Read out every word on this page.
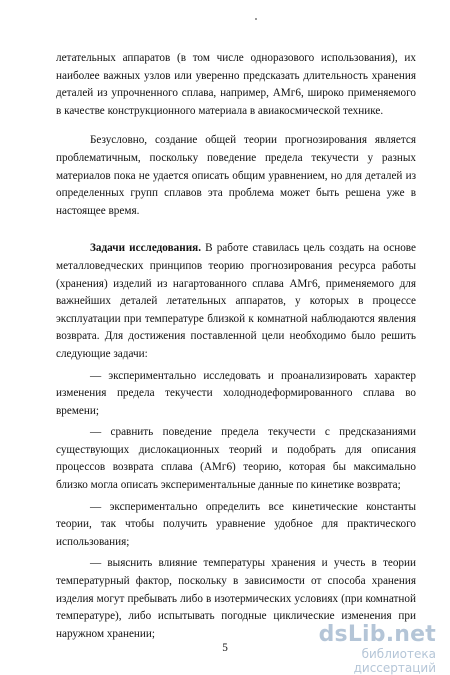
летательных аппаратов (в том числе одноразового использования), их наиболее важных узлов или уверенно предсказать длительность хранения деталей из упрочненного сплава, например, АМг6, широко применяемого в качестве конструкционного материала в авиакосмической технике.

Безусловно, создание общей теории прогнозирования является проблематичным, поскольку поведение предела текучести у разных материалов пока не удается описать общим уравнением, но для деталей из определенных групп сплавов эта проблема может быть решена уже в настоящее время.

Задачи исследования. В работе ставилась цель создать на основе металловедческих принципов теорию прогнозирования ресурса работы (хранения) изделий из нагартованного сплава АМг6, применяемого для важнейших деталей летательных аппаратов, у которых в процессе эксплуатации при температуре близкой к комнатной наблюдаются явления возврата. Для достижения поставленной цели необходимо было решить следующие задачи:

— экспериментально исследовать и проанализировать характер изменения предела текучести холоднодеформированного сплава во времени;

— сравнить поведение предела текучести с предсказаниями существующих дислокационных теорий и подобрать для описания процессов возврата сплава (АМг6) теорию, которая бы максимально близко могла описать экспериментальные данные по кинетике возврата;

— экспериментально определить все кинетические константы теории, так чтобы получить уравнение удобное для практического использования;

— выяснить влияние температуры хранения и учесть в теории температурный фактор, поскольку в зависимости от способа хранения изделия могут пребывать либо в изотермических условиях (при комнатной температуре), либо испытывать погодные циклические изменения при наружном хранении;

5

dsLib.net

библиотека диссертаций
